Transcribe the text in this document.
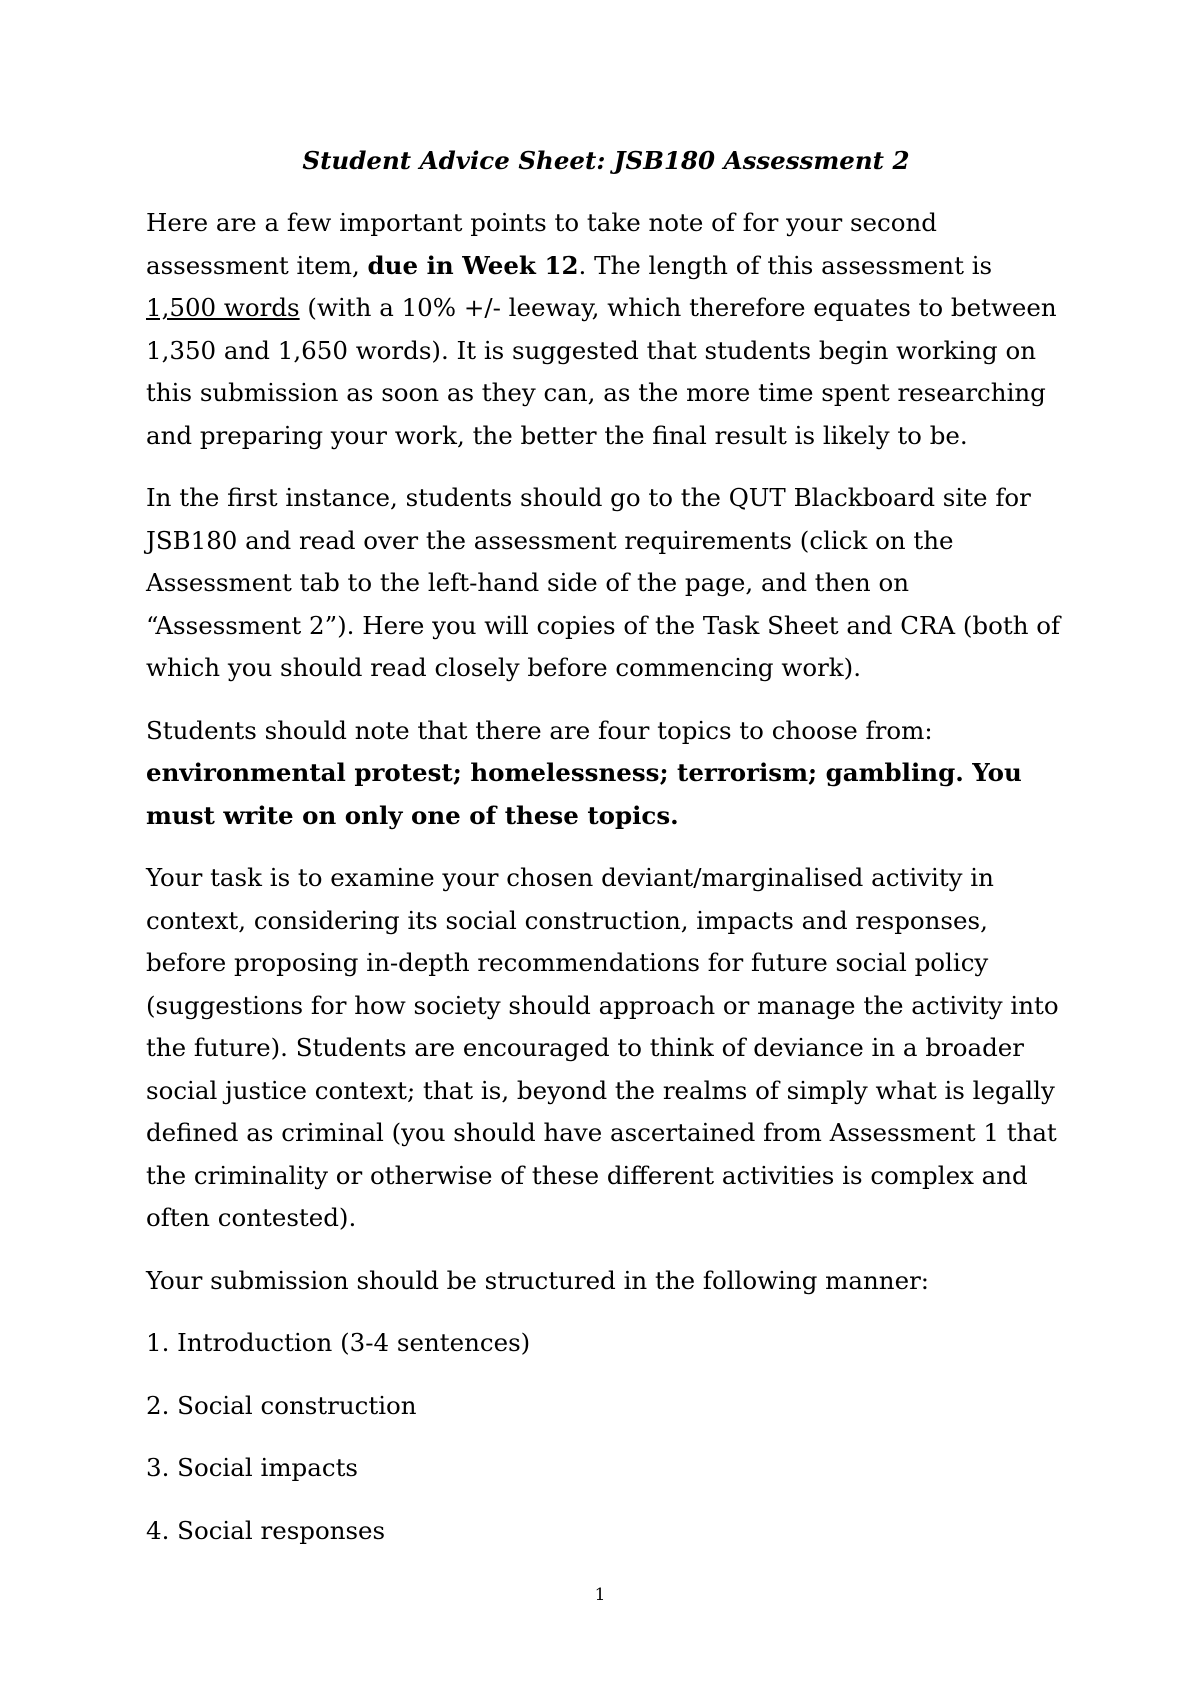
Student Advice Sheet: JSB180 Assessment 2

Here are a few important points to take note of for your second assessment item, due in Week 12. The length of this assessment is 1,500 words (with a 10% +/- leeway, which therefore equates to between 1,350 and 1,650 words). It is suggested that students begin working on this submission as soon as they can, as the more time spent researching and preparing your work, the better the final result is likely to be.

In the first instance, students should go to the QUT Blackboard site for JSB180 and read over the assessment requirements (click on the Assessment tab to the left-hand side of the page, and then on “Assessment 2”). Here you will copies of the Task Sheet and CRA (both of which you should read closely before commencing work).

Students should note that there are four topics to choose from: environmental protest; homelessness; terrorism; gambling. You must write on only one of these topics.

Your task is to examine your chosen deviant/marginalised activity in context, considering its social construction, impacts and responses, before proposing in-depth recommendations for future social policy (suggestions for how society should approach or manage the activity into the future). Students are encouraged to think of deviance in a broader social justice context; that is, beyond the realms of simply what is legally defined as criminal (you should have ascertained from Assessment 1 that the criminality or otherwise of these different activities is complex and often contested).

Your submission should be structured in the following manner:

1. Introduction (3-4 sentences)
2. Social construction
3. Social impacts
4. Social responses
1
